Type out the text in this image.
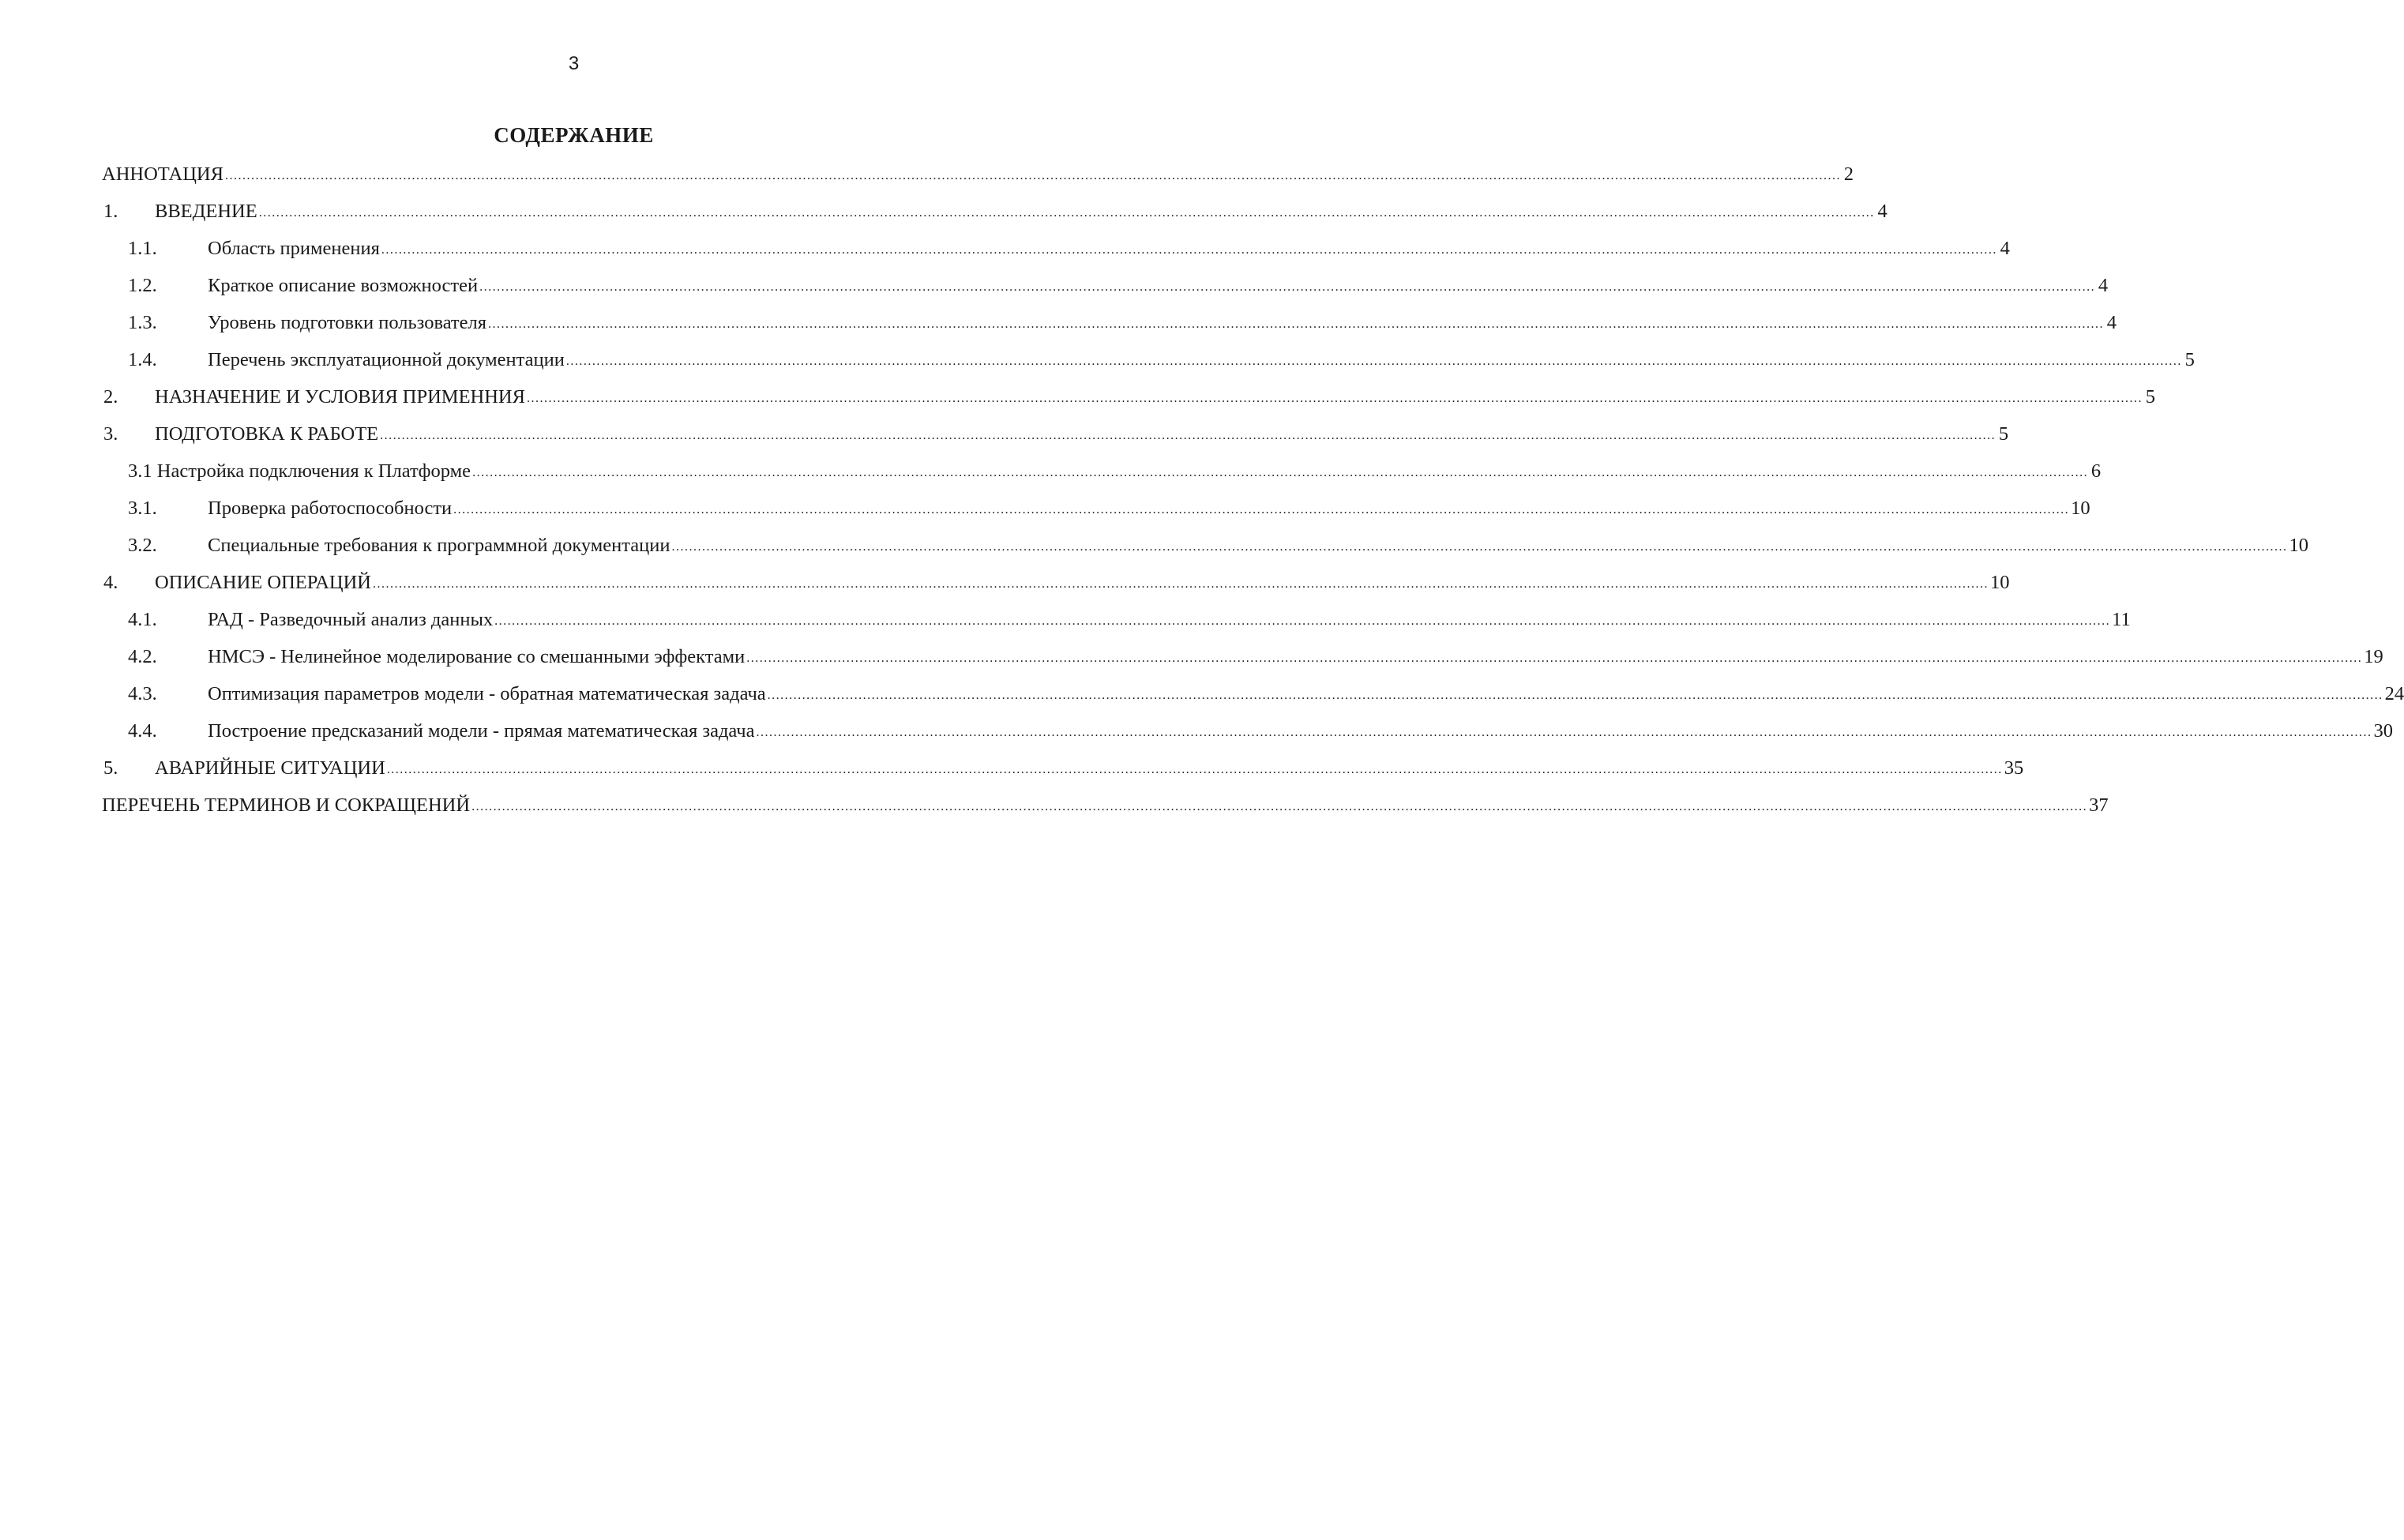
3
СОДЕРЖАНИЕ
АННОТАЦИЯ .................................................................................................................................................................................................................................................................................................................................................................................... 2
1. ВВЕДЕНИЕ .................................................................................................................................................................................................................................................................................................................................................................................... 4
1.1.	Область применения .................................................................................................................................................................................................................................................................................................................................................................................... 4
1.2.	Краткое описание возможностей .................................................................................................................................................................................................................................................................................................................................................................................... 4
1.3.	Уровень подготовки пользователя .................................................................................................................................................................................................................................................................................................................................................................................... 4
1.4.	Перечень эксплуатационной документации .................................................................................................................................................................................................................................................................................................................................................................................... 5
2. НАЗНАЧЕНИЕ И УСЛОВИЯ ПРИМЕННИЯ .................................................................................................................................................................................................................................................................................................................................................................................... 5
3. ПОДГОТОВКА К РАБОТЕ .................................................................................................................................................................................................................................................................................................................................................................................... 5
3.1 Настройка подключения к Платформе .................................................................................................................................................................................................................................................................................................................................................................................... 6
3.1.	Проверка работоспособности .................................................................................................................................................................................................................................................................................................................................................................................... 10
3.2.	Специальные требования к программной документации .................................................................................................................................................................................................................................................................................................................................................................................... 10
4. ОПИСАНИЕ ОПЕРАЦИЙ .................................................................................................................................................................................................................................................................................................................................................................................... 10
4.1.	РАД - Разведочный анализ данных .................................................................................................................................................................................................................................................................................................................................................................................... 11
4.2.	НМСЭ - Нелинейное моделирование со смешанными эффектами .................................................................................................................................................................................................................................................................................................................................................................................... 19
4.3.	Оптимизация параметров модели - обратная математическая задача .................................................................................................................................................................................................................................................................................................................................................................................... 24
4.4.	Построение предсказаний модели - прямая математическая задача .................................................................................................................................................................................................................................................................................................................................................................................... 30
5. АВАРИЙНЫЕ СИТУАЦИИ .................................................................................................................................................................................................................................................................................................................................................................................... 35
ПЕРЕЧЕНЬ ТЕРМИНОВ И СОКРАЩЕНИЙ .................................................................................................................................................................................................................................................................................................................................................................................... 37
